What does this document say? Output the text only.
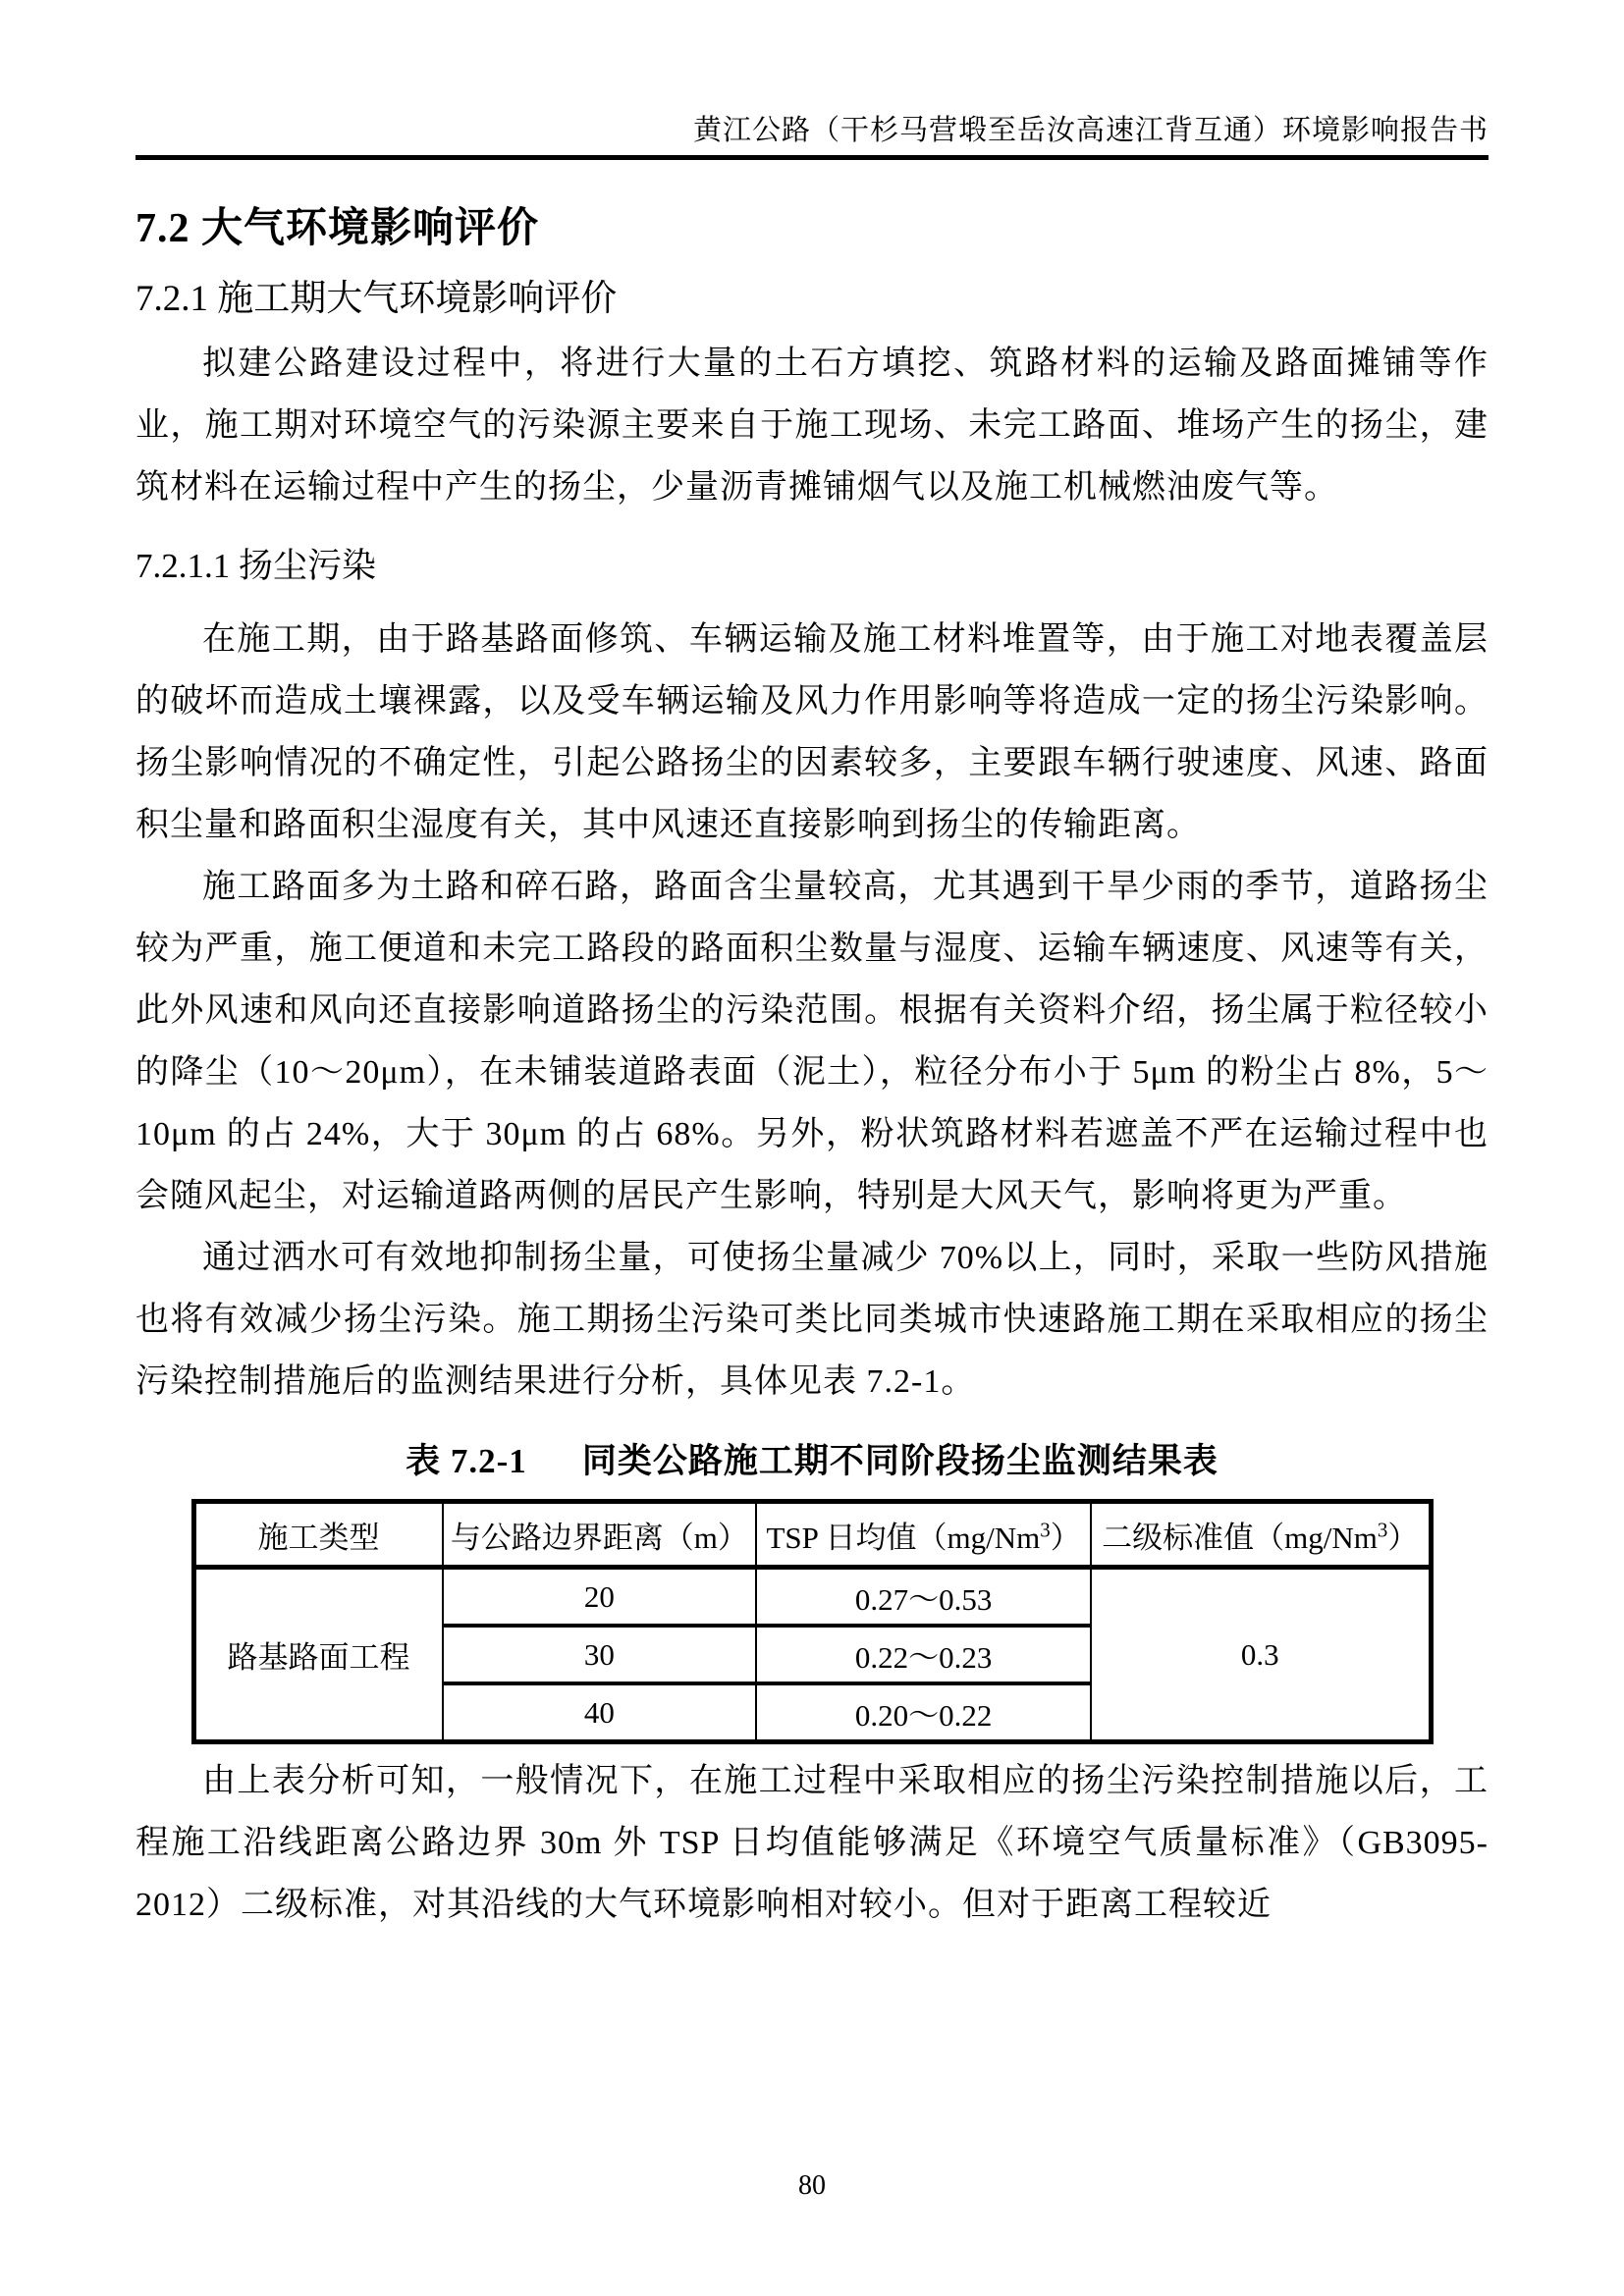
黄江公路（干杉马营塅至岳汝高速江背互通）环境影响报告书
7.2 大气环境影响评价
7.2.1 施工期大气环境影响评价

拟建公路建设过程中，将进行大量的土石方填挖、筑路材料的运输及路面摊铺等作业，施工期对环境空气的污染源主要来自于施工现场、未完工路面、堆场产生的扬尘，建筑材料在运输过程中产生的扬尘，少量沥青摊铺烟气以及施工机械燃油废气等。

7.2.1.1 扬尘污染

在施工期，由于路基路面修筑、车辆运输及施工材料堆置等，由于施工对地表覆盖层的破坏而造成土壤裸露，以及受车辆运输及风力作用影响等将造成一定的扬尘污染影响。扬尘影响情况的不确定性，引起公路扬尘的因素较多，主要跟车辆行驶速度、风速、路面积尘量和路面积尘湿度有关，其中风速还直接影响到扬尘的传输距离。

施工路面多为土路和碎石路，路面含尘量较高，尤其遇到干旱少雨的季节，道路扬尘较为严重，施工便道和未完工路段的路面积尘数量与湿度、运输车辆速度、风速等有关，此外风速和风向还直接影响道路扬尘的污染范围。根据有关资料介绍，扬尘属于粒径较小的降尘（10～20μm），在未铺装道路表面（泥土），粒径分布小于 5μm 的粉尘占 8%，5～10μm 的占 24%，大于 30μm 的占 68%。另外，粉状筑路材料若遮盖不严在运输过程中也会随风起尘，对运输道路两侧的居民产生影响，特别是大风天气，影响将更为严重。

通过洒水可有效地抑制扬尘量，可使扬尘量减少 70%以上，同时，采取一些防风措施也将有效减少扬尘污染。施工期扬尘污染可类比同类城市快速路施工期在采取相应的扬尘污染控制措施后的监测结果进行分析，具体见表 7.2-1。

表 7.2-1 同类公路施工期不同阶段扬尘监测结果表
施工类型	与公路边界距离（m）	TSP 日均值（mg/Nm$^3$）	二级标准值（mg/Nm$^3$）
路基路面工程	20	0.27～0.53	0.3
	30	0.22～0.23	
	40	0.20～0.22	

由上表分析可知，一般情况下，在施工过程中采取相应的扬尘污染控制措施以后，工程施工沿线距离公路边界 30m 外 TSP 日均值能够满足《环境空气质量标准》（GB3095-2012）二级标准，对其沿线的大气环境影响相对较小。但对于距离工程较近

80
